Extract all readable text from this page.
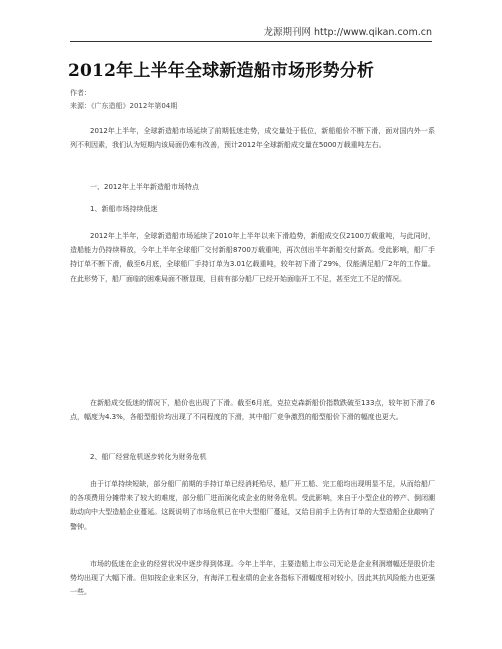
龙源期刊网 http://www.qikan.com.cn
2012年上半年全球新造船市场形势分析
作者：
来源：《广东造船》2012年第04期
2012年上半年，全球新造船市场延续了前期低迷走势，成交量处于低位，新船船价不断下滑，面对国内外一系列不利因素，我们认为短期内该局面仍难有改善，预计2012年全球新船成交量在5000万载重吨左右。
一、2012年上半年新造船市场特点
1、新船市场持续低迷
2012年上半年，全球新造船市场延续了2010年上半年以来下滑趋势，新船成交仅2100万载重吨，与此同时，造船能力仍持续释放，今年上半年全球船厂交付新船8700万载重吨，再次创出半年新船交付新高。受此影响，船厂手持订单不断下滑，截至6月底，全球船厂手持订单为3.01亿载重吨，较年初下滑了29%，仅能满足船厂2年的工作量。在此形势下，船厂面临的困难局面不断显现，目前有部分船厂已经开始面临开工不足，甚至完工不足的情况。
在新船成交低迷的情况下，船价也出现了下滑。截至6月底，克拉克森新船价指数跌破至133点，较年初下滑了6点，幅度为4.3%，各船型船价均出现了不同程度的下滑，其中船厂竞争激烈的船型船价下滑的幅度也更大。
2、船厂经营危机逐步转化为财务危机
由于订单持续短缺，部分船厂前期的手持订单已经消耗殆尽，船厂开工船、完工船均出现明显不足，从而给船厂的各项费用分摊带来了较大的难度，部分船厂进而演化成企业的财务危机。受此影响，来自于小型企业的停产、倒闭潮助动向中大型造船企业蔓延。这既说明了市场危机已在中大型船厂蔓延，又给目前手上仍有订单的大型造船企业敲响了警钟。
市场的低迷在企业的经营状况中逐步得到体现。今年上半年，主要造船上市公司无论是企业利润增幅还是股价走势均出现了大幅下滑。但如按企业来区分，有海洋工程业绩的企业各指标下滑幅度相对较小，因此其抗风险能力也更强一些。
